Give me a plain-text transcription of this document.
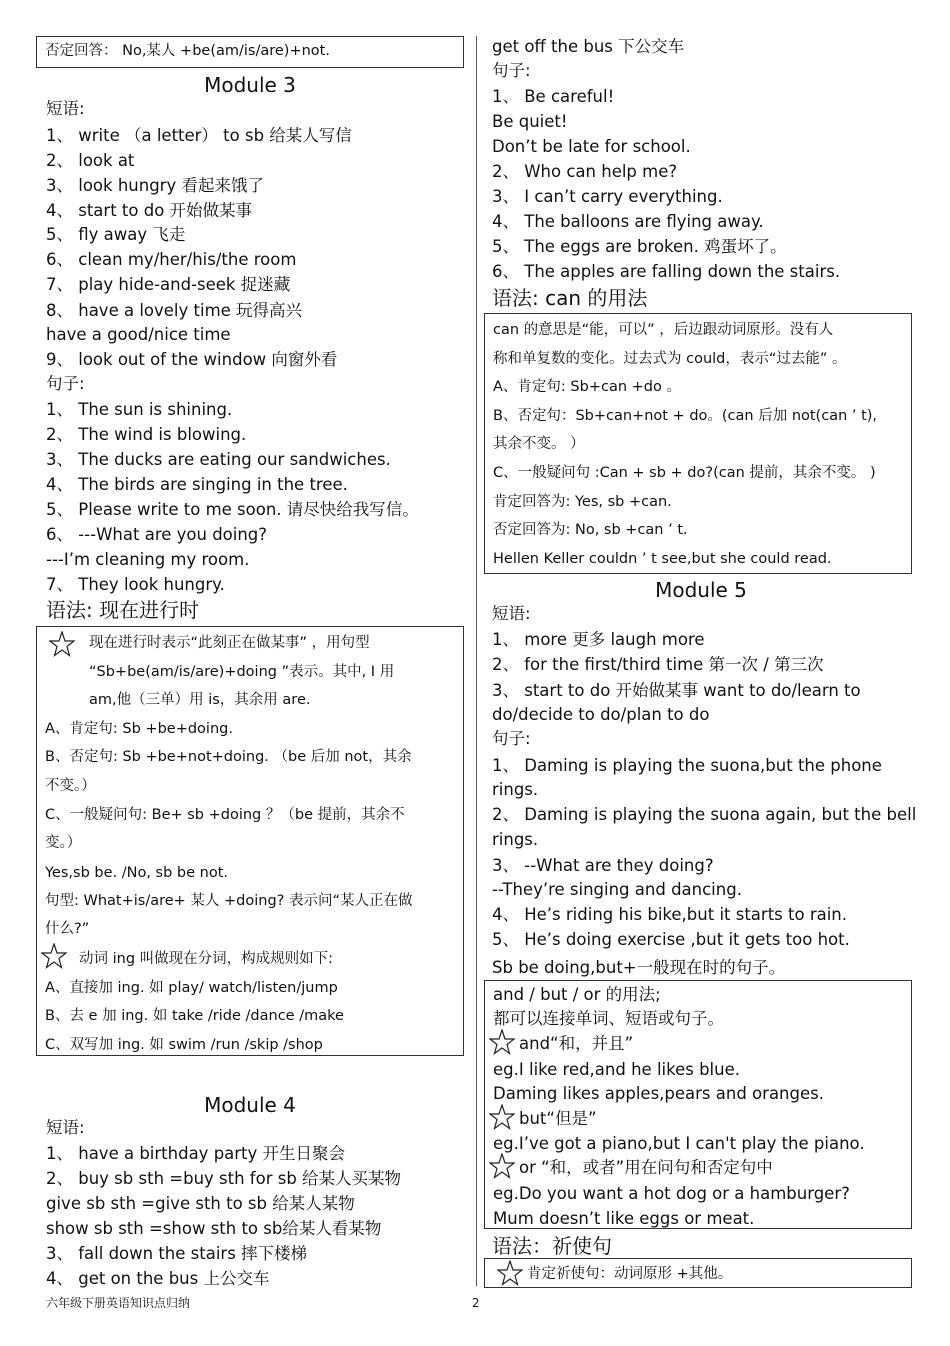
否定回答： No,某人 +be(am/is/are)+not.
Module 3
短语:
1、 write （a letter） to sb 给某人写信
2、 look at
3、 look hungry 看起来饿了
4、 start to do 开始做某事
5、 fly away 飞走
6、 clean my/her/his/the room
7、 play hide-and-seek 捉迷藏
8、 have a lovely time 玩得高兴
have a good/nice time
9、 look out of the window 向窗外看
句子:
1、 The sun is shining.
2、 The wind is blowing.
3、 The ducks are eating our sandwiches.
4、 The birds are singing in the tree.
5、 Please write to me soon. 请尽快给我写信。
6、 ---What are you doing?
---I’m cleaning my room.
7、 They look hungry.
语法: 现在进行时
现在进行时表示“此刻正在做某事” ，用句型
“Sb+be(am/is/are)+doing ”表示。其中, I 用
am,他（三单）用 is，其余用 are.
A、肯定句: Sb +be+doing.
B、否定句: Sb +be+not+doing. （be 后加 not，其余
不变。）
C、一般疑问句: Be+ sb +doing ？（be 提前，其余不
变。）
Yes,sb be. /No, sb be not.
句型: What+is/are+ 某人 +doing? 表示问“某人正在做
什么?”
动词 ing 叫做现在分词，构成规则如下:
A、直接加 ing. 如 play/ watch/listen/jump
B、去 e 加 ing. 如 take /ride /dance /make
C、双写加 ing. 如 swim /run /skip /shop
Module 4
短语:
1、 have a birthday party 开生日聚会
2、 buy sb sth =buy sth for sb 给某人买某物
give sb sth =give sth to sb 给某人某物
show sb sth =show sth to sb给某人看某物
3、 fall down the stairs 摔下楼梯
4、 get on the bus 上公交车
get off the bus 下公交车
句子:
1、 Be careful!
Be quiet!
Don’t be late for school.
2、 Who can help me?
3、 I can’t carry everything.
4、 The balloons are flying away.
5、 The eggs are broken. 鸡蛋坏了。
6、 The apples are falling down the stairs.
语法: can 的用法
can 的意思是“能，可以” ，后边跟动词原形。没有人
称和单复数的变化。过去式为 could，表示“过去能” 。
A、肯定句: Sb+can +do 。
B、否定句：Sb+can+not + do。(can 后加 not(can ’ t),
其余不变。 ）
C、一般疑问句 :Can + sb + do?(can 提前，其余不变。 )
肯定回答为: Yes, sb +can.
否定回答为: No, sb +can ’ t.
Hellen Keller couldn ’ t see,but she could read.
Module 5
短语:
1、 more 更多 laugh more
2、 for the first/third time 第一次 / 第三次
3、 start to do 开始做某事 want to do/learn to
do/decide to do/plan to do
句子:
1、 Daming is playing the suona,but the phone
rings.
2、 Daming is playing the suona again, but the bell
rings.
3、 --What are they doing?
--They’re singing and dancing.
4、 He’s riding his bike,but it starts to rain.
5、 He’s doing exercise ,but it gets too hot.
Sb be doing,but+一般现在时的句子。
and / but / or 的用法;
都可以连接单词、短语或句子。
and“和，并且”
eg.I like red,and he likes blue.
Daming likes apples,pears and oranges.
but“但是”
eg.I’ve got a piano,but I can't play the piano.
or “和，或者”用在问句和否定句中
eg.Do you want a hot dog or a hamburger?
Mum doesn’t like eggs or meat.
语法：祈使句
肯定祈使句：动词原形 +其他。
六年级下册英语知识点归纳	2
